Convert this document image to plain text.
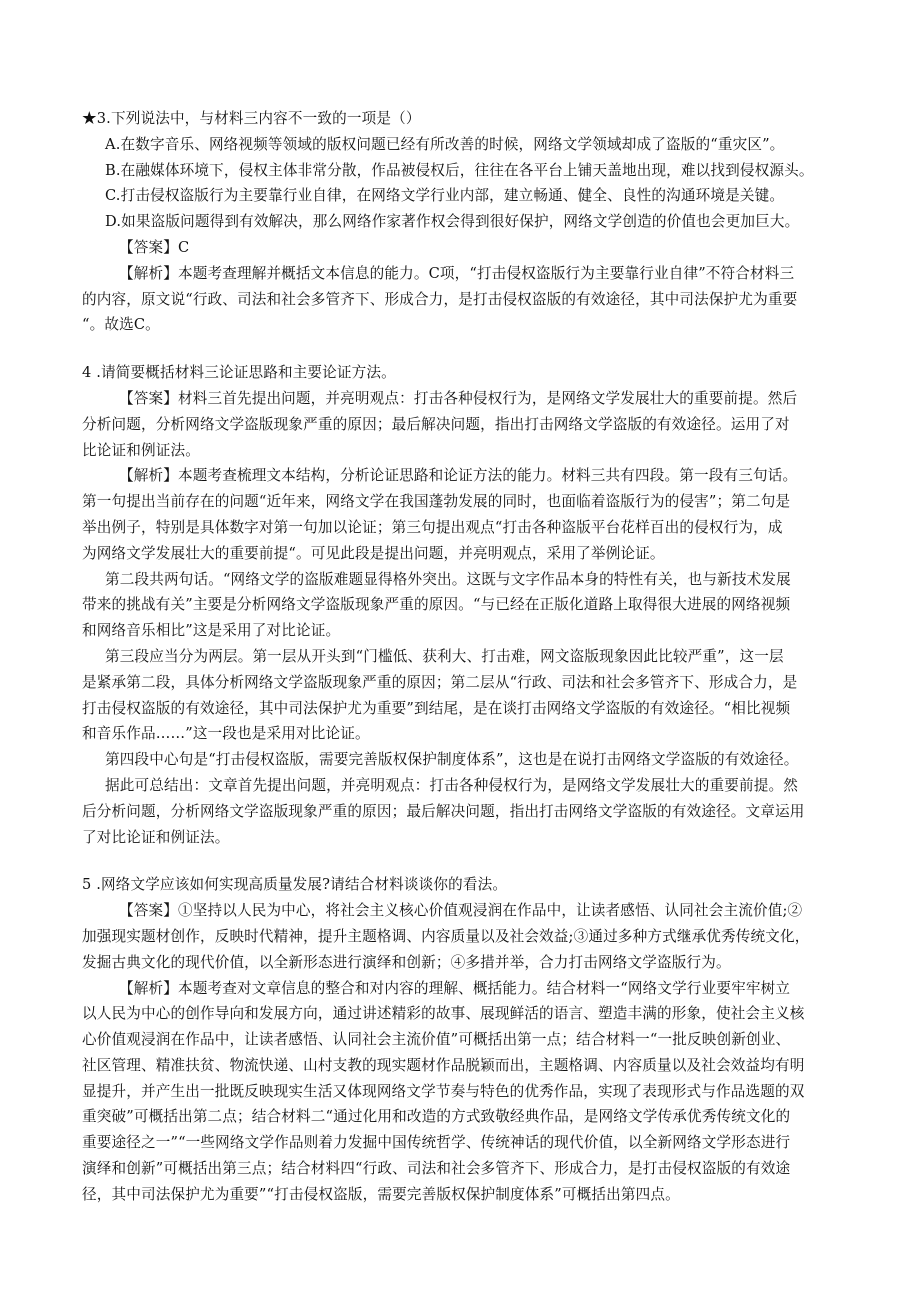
★3.下列说法中，与材料三内容不一致的一项是（）
A.在数字音乐、网络视频等领域的版权问题已经有所改善的时候，网络文学领域却成了盗版的“重灾区”。
B.在融媒体环境下，侵权主体非常分散，作品被侵权后，往往在各平台上铺天盖地出现，难以找到侵权源头。
C.打击侵权盗版行为主要靠行业自律，在网络文学行业内部，建立畅通、健全、良性的沟通环境是关键。
D.如果盗版问题得到有效解决，那么网络作家著作权会得到很好保护，网络文学创造的价值也会更加巨大。
【答案】C
【解析】本题考查理解并概括文本信息的能力。C项，“打击侵权盗版行为主要靠行业自律”不符合材料三
的内容，原文说“行政、司法和社会多管齐下、形成合力，是打击侵权盗版的有效途径，其中司法保护尤为重要
“。故选C。
4 .请简要概括材料三论证思路和主要论证方法。
【答案】材料三首先提出问题，并亮明观点：打击各种侵权行为，是网络文学发展壮大的重要前提。然后
分析问题，分析网络文学盗版现象严重的原因；最后解决问题，指出打击网络文学盗版的有效途径。运用了对
比论证和例证法。
【解析】本题考查梳理文本结构，分析论证思路和论证方法的能力。材料三共有四段。第一段有三句话。
第一句提出当前存在的问题“近年来，网络文学在我国蓬勃发展的同时，也面临着盗版行为的侵害”；第二句是
举出例子，特别是具体数字对第一句加以论证；第三句提出观点“打击各种盗版平台花样百出的侵权行为，成
为网络文学发展壮大的重要前提“。可见此段是提出问题，并亮明观点，采用了举例论证。
第二段共两句话。“网络文学的盗版难题显得格外突出。这既与文字作品本身的特性有关，也与新技术发展
带来的挑战有关”主要是分析网络文学盗版现象严重的原因。“与已经在正版化道路上取得很大进展的网络视频
和网络音乐相比”这是采用了对比论证。
第三段应当分为两层。第一层从开头到“门槛低、获利大、打击难，网文盗版现象因此比较严重”，这一层
是紧承第二段，具体分析网络文学盗版现象严重的原因；第二层从“行政、司法和社会多管齐下、形成合力，是
打击侵权盗版的有效途径，其中司法保护尤为重要”到结尾，是在谈打击网络文学盗版的有效途径。“相比视频
和音乐作品……”这一段也是采用对比论证。
第四段中心句是“打击侵权盗版，需要完善版权保护制度体系”，这也是在说打击网络文学盗版的有效途径。
据此可总结出：文章首先提出问题，并亮明观点：打击各种侵权行为，是网络文学发展壮大的重要前提。然
后分析问题，分析网络文学盗版现象严重的原因；最后解决问题，指出打击网络文学盗版的有效途径。文章运用
了对比论证和例证法。
5 .网络文学应该如何实现高质量发展?请结合材料谈谈你的看法。
【答案】①坚持以人民为中心，将社会主义核心价值观浸润在作品中，让读者感悟、认同社会主流价值;②
加强现实题材创作，反映时代精神，提升主题格调、内容质量以及社会效益;③通过多种方式继承优秀传统文化，
发掘古典文化的现代价值，以全新形态进行演绎和创新；④多措并举，合力打击网络文学盗版行为。
【解析】本题考查对文章信息的整合和对内容的理解、概括能力。结合材料一“网络文学行业要牢牢树立
以人民为中心的创作导向和发展方向，通过讲述精彩的故事、展现鲜活的语言、塑造丰满的形象，使社会主义核
心价值观浸润在作品中，让读者感悟、认同社会主流价值”可概括出第一点；结合材料一“一批反映创新创业、
社区管理、精准扶贫、物流快递、山村支教的现实题材作品脱颖而出，主题格调、内容质量以及社会效益均有明
显提升，并产生出一批既反映现实生活又体现网络文学节奏与特色的优秀作品，实现了表现形式与作品选题的双
重突破”可概括出第二点；结合材料二“通过化用和改造的方式致敬经典作品，是网络文学传承优秀传统文化的
重要途径之一”“一些网络文学作品则着力发掘中国传统哲学、传统神话的现代价值，以全新网络文学形态进行
演绎和创新”可概括出第三点；结合材料四“行政、司法和社会多管齐下、形成合力，是打击侵权盗版的有效途
径，其中司法保护尤为重要”“打击侵权盗版，需要完善版权保护制度体系”可概括出第四点。
